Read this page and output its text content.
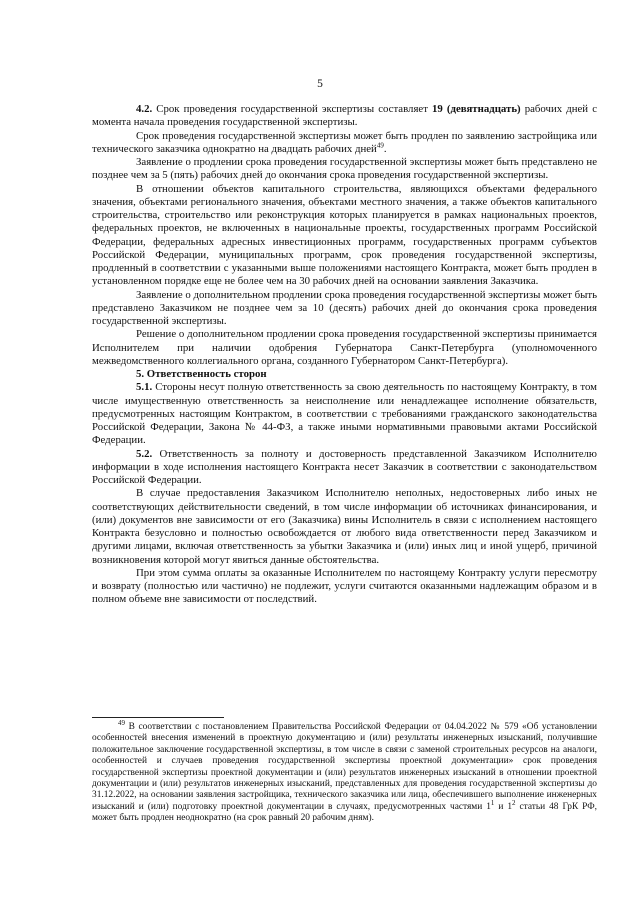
5

4.2. Срок проведения государственной экспертизы составляет 19 (девятнадцать) рабочих дней с момента начала проведения государственной экспертизы.

Срок проведения государственной экспертизы может быть продлен по заявлению застройщика или технического заказчика однократно на двадцать рабочих дней$^{49}$.

Заявление о продлении срока проведения государственной экспертизы может быть представлено не позднее чем за 5 (пять) рабочих дней до окончания срока проведения государственной экспертизы.

В отношении объектов капитального строительства, являющихся объектами федерального значения, объектами регионального значения, объектами местного значения, а также объектов капитального строительства, строительство или реконструкция которых планируется в рамках национальных проектов, федеральных проектов, не включенных в национальные проекты, государственных программ Российской Федерации, федеральных адресных инвестиционных программ, государственных программ субъектов Российской Федерации, муниципальных программ, срок проведения государственной экспертизы, продленный в соответствии с указанными выше положениями настоящего Контракта, может быть продлен в установленном порядке еще не более чем на 30 рабочих дней на основании заявления Заказчика.

Заявление о дополнительном продлении срока проведения государственной экспертизы может быть представлено Заказчиком не позднее чем за 10 (десять) рабочих дней до окончания срока проведения государственной экспертизы.

Решение о дополнительном продлении срока проведения государственной экспертизы принимается Исполнителем при наличии одобрения Губернатора Санкт-Петербурга (уполномоченного межведомственного коллегиального органа, созданного Губернатором Санкт-Петербурга).

5. Ответственность сторон

5.1. Стороны несут полную ответственность за свою деятельность по настоящему Контракту, в том числе имущественную ответственность за неисполнение или ненадлежащее исполнение обязательств, предусмотренных настоящим Контрактом, в соответствии с требованиями гражданского законодательства Российской Федерации, Закона № 44-ФЗ, а также иными нормативными правовыми актами Российской Федерации.

5.2. Ответственность за полноту и достоверность представленной Заказчиком Исполнителю информации в ходе исполнения настоящего Контракта несет Заказчик в соответствии с законодательством Российской Федерации.

В случае предоставления Заказчиком Исполнителю неполных, недостоверных либо иных не соответствующих действительности сведений, в том числе информации об источниках финансирования, и (или) документов вне зависимости от его (Заказчика) вины Исполнитель в связи с исполнением настоящего Контракта безусловно и полностью освобождается от любого вида ответственности перед Заказчиком и другими лицами, включая ответственность за убытки Заказчика и (или) иных лиц и иной ущерб, причиной возникновения которой могут явиться данные обстоятельства.

При этом сумма оплаты за оказанные Исполнителем по настоящему Контракту услуги пересмотру и возврату (полностью или частично) не подлежит, услуги считаются оказанными надлежащим образом и в полном объеме вне зависимости от последствий.

$^{49}$ В соответствии с постановлением Правительства Российской Федерации от 04.04.2022 № 579 «Об установлении особенностей внесения изменений в проектную документацию и (или) результаты инженерных изысканий, получившие положительное заключение государственной экспертизы, в том числе в связи с заменой строительных ресурсов на аналоги, особенностей и случаев проведения государственной экспертизы проектной документации» срок проведения государственной экспертизы проектной документации и (или) результатов инженерных изысканий в отношении проектной документации и (или) результатов инженерных изысканий, представленных для проведения государственной экспертизы до 31.12.2022, на основании заявления застройщика, технического заказчика или лица, обеспечившего выполнение инженерных изысканий и (или) подготовку проектной документации в случаях, предусмотренных частями $1^1$ и $1^2$ статьи 48 ГрК РФ, может быть продлен неоднократно (на срок равный 20 рабочим дням).
